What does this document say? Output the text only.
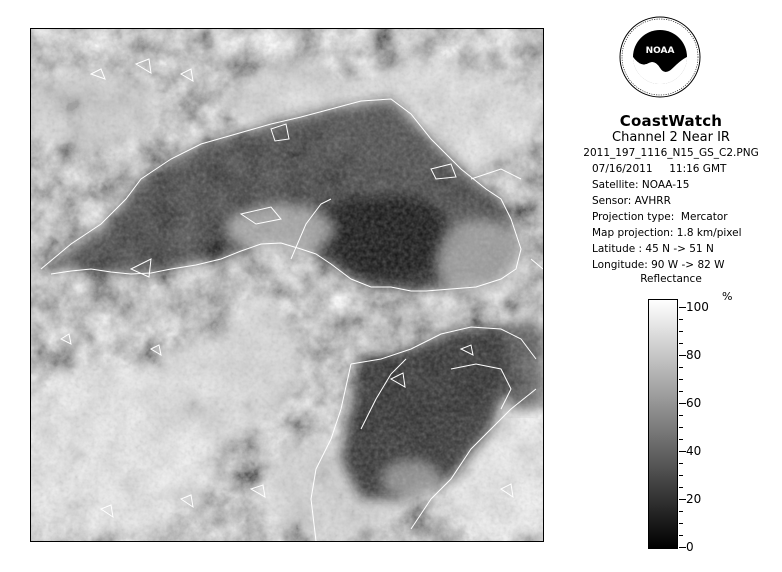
NOAA
CoastWatch
Channel 2 Near IR
2011_197_1116_N15_GS_C2.PNG
07/16/2011     11:16 GMT
Satellite: NOAA-15
Sensor: AVHRR
Projection type:  Mercator
Map projection: 1.8 km/pixel
Latitude : 45 N -> 51 N
Longitude: 90 W -> 82 W
Reflectance
%
100
80
60
40
20
0
